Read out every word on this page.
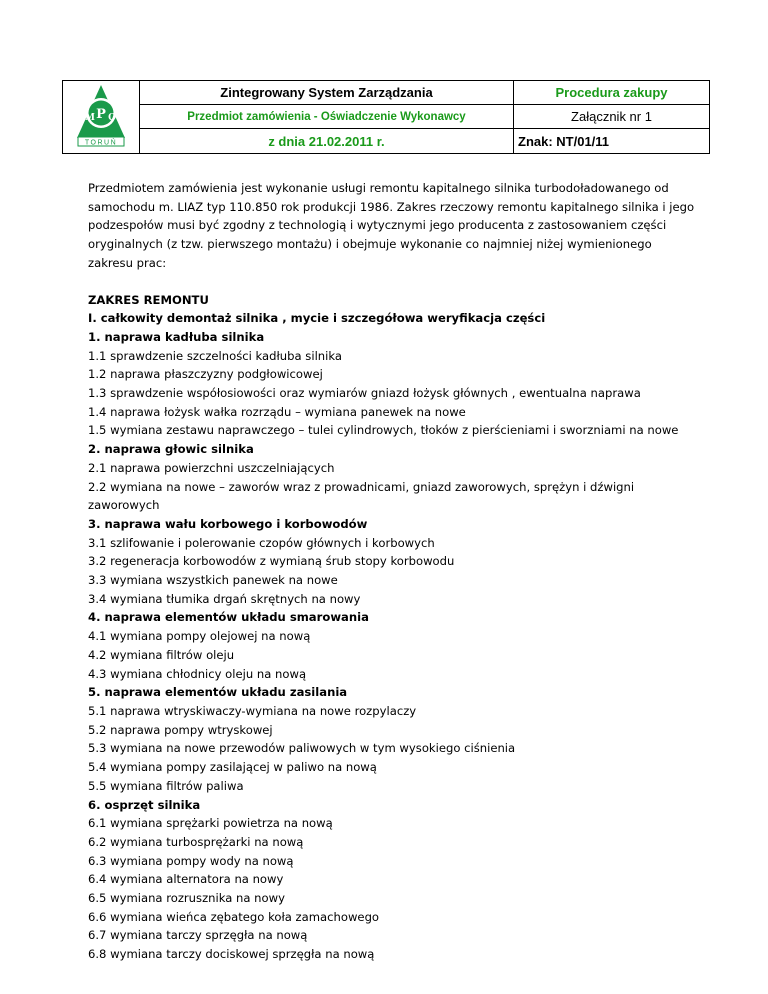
P
M O
TORUŃ	Zintegrowany System Zarządzania	Procedura zakupy
	Przedmiot zamówienia - Oświadczenie Wykonawcy	Załącznik nr 1
	z dnia 21.02.2011 r.	Znak: NT/01/11
Przedmiotem zamówienia jest wykonanie usługi remontu kapitalnego silnika turbodoładowanego od
samochodu m. LIAZ typ 110.850 rok produkcji 1986. Zakres rzeczowy remontu kapitalnego silnika i jego
podzespołów musi być zgodny z technologią i wytycznymi jego producenta z zastosowaniem części
oryginalnych (z tzw. pierwszego montażu) i obejmuje wykonanie co najmniej niżej wymienionego
zakresu prac:
ZAKRES REMONTU
I. całkowity demontaż silnika , mycie i szczegółowa weryfikacja części
1. naprawa kadłuba silnika
1.1 sprawdzenie szczelności kadłuba silnika
1.2 naprawa płaszczyzny podgłowicowej
1.3 sprawdzenie współosiowości oraz wymiarów gniazd łożysk głównych , ewentualna naprawa
1.4 naprawa łożysk wałka rozrządu – wymiana panewek na nowe
1.5 wymiana zestawu naprawczego – tulei cylindrowych, tłoków z pierścieniami i sworzniami na nowe
2. naprawa głowic silnika
2.1 naprawa powierzchni uszczelniających
2.2 wymiana na nowe – zaworów wraz z prowadnicami, gniazd zaworowych, sprężyn i dźwigni
zaworowych
3. naprawa wału korbowego i korbowodów
3.1 szlifowanie i polerowanie czopów głównych i korbowych
3.2 regeneracja korbowodów z wymianą śrub stopy korbowodu
3.3 wymiana wszystkich panewek na nowe
3.4 wymiana tłumika drgań skrętnych na nowy
4. naprawa elementów układu smarowania
4.1 wymiana pompy olejowej na nową
4.2 wymiana filtrów oleju
4.3 wymiana chłodnicy oleju na nową
5. naprawa elementów układu zasilania
5.1 naprawa wtryskiwaczy-wymiana na nowe rozpylaczy
5.2 naprawa pompy wtryskowej
5.3 wymiana na nowe przewodów paliwowych w tym wysokiego ciśnienia
5.4 wymiana pompy zasilającej w paliwo na nową
5.5 wymiana filtrów paliwa
6. osprzęt silnika
6.1 wymiana sprężarki powietrza na nową
6.2 wymiana turbosprężarki na nową
6.3 wymiana pompy wody na nową
6.4 wymiana alternatora na nowy
6.5 wymiana rozrusznika na nowy
6.6 wymiana wieńca zębatego koła zamachowego
6.7 wymiana tarczy sprzęgła na nową
6.8 wymiana tarczy dociskowej sprzęgła na nową
